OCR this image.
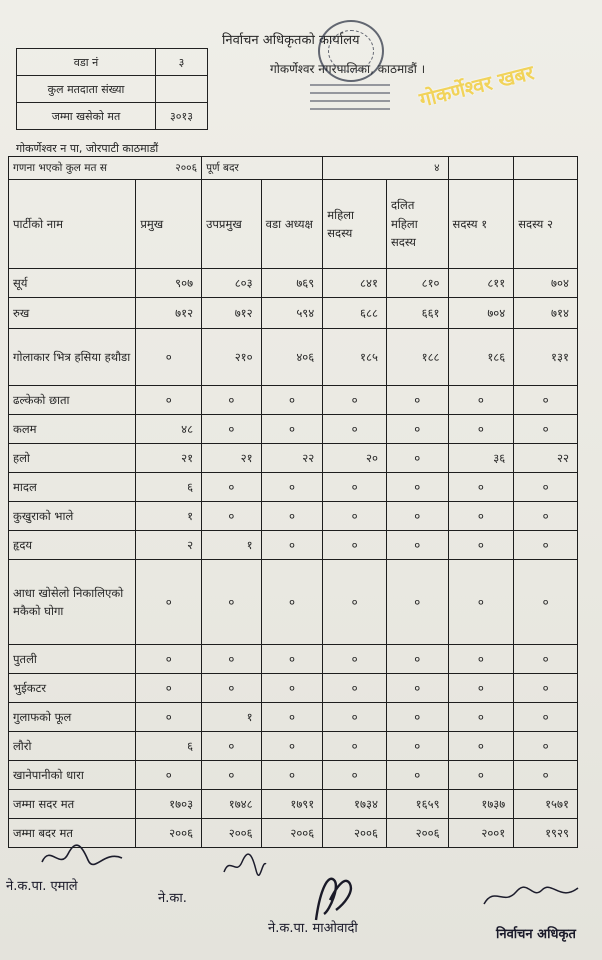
निर्वाचन अधिकृतको कार्यालय
गोकर्णेश्वर नगरपालिका, काठमाडौं ।
गोकर्णेश्वर खबर
वडा नं	३
कुल मतदाता संख्या	
जम्मा खसेको मत	३०१३
गोकर्णेश्वर न पा, जोरपाटी काठमाडौं
गणना भएको कुल मत स २००६		पूर्ण बदर		४			
पार्टीको नाम	प्रमुख	उपप्रमुख	वडा अध्यक्ष	महिला सदस्य	दलित महिला सदस्य	सदस्य १	सदस्य २
सूर्य	९०७	८०३	७६९	८४१	८१०	८११	७०४
रुख	७१२	७१२	५९४	६८८	६६१	७०४	७१४
गोलाकार भित्र हसिया हथौडा	०	२१०	४०६	१८५	१८८	१८६	१३१
ढल्केको छाता	०	०	०	०	०	०	०
कलम	४८	०	०	०	०	०	०
हलो	२१	२१	२२	२०	०	३६	२२
मादल	६	०	०	०	०	०	०
कुखुराको भाले	१	०	०	०	०	०	०
हृदय	२	१	०	०	०	०	०
आधा खोसेलो निकालिएको मकैको घोगा	०	०	०	०	०	०	०
पुतली	०	०	०	०	०	०	०
भुईकटर	०	०	०	०	०	०	०
गुलाफको फूल	०	१	०	०	०	०	०
लौरो	६	०	०	०	०	०	०
खानेपानीको धारा	०	०	०	०	०	०	०
जम्मा सदर मत	१७०३	१७४८	१७९१	१७३४	१६५९	१७३७	१५७१
जम्मा बदर मत	२००६	२००६	२००६	२००६	२००६	२००१	१९२९
ने.क.पा. एमाले
ने.का.
ने.क.पा. माओवादी	निर्वाचन अधिकृत
